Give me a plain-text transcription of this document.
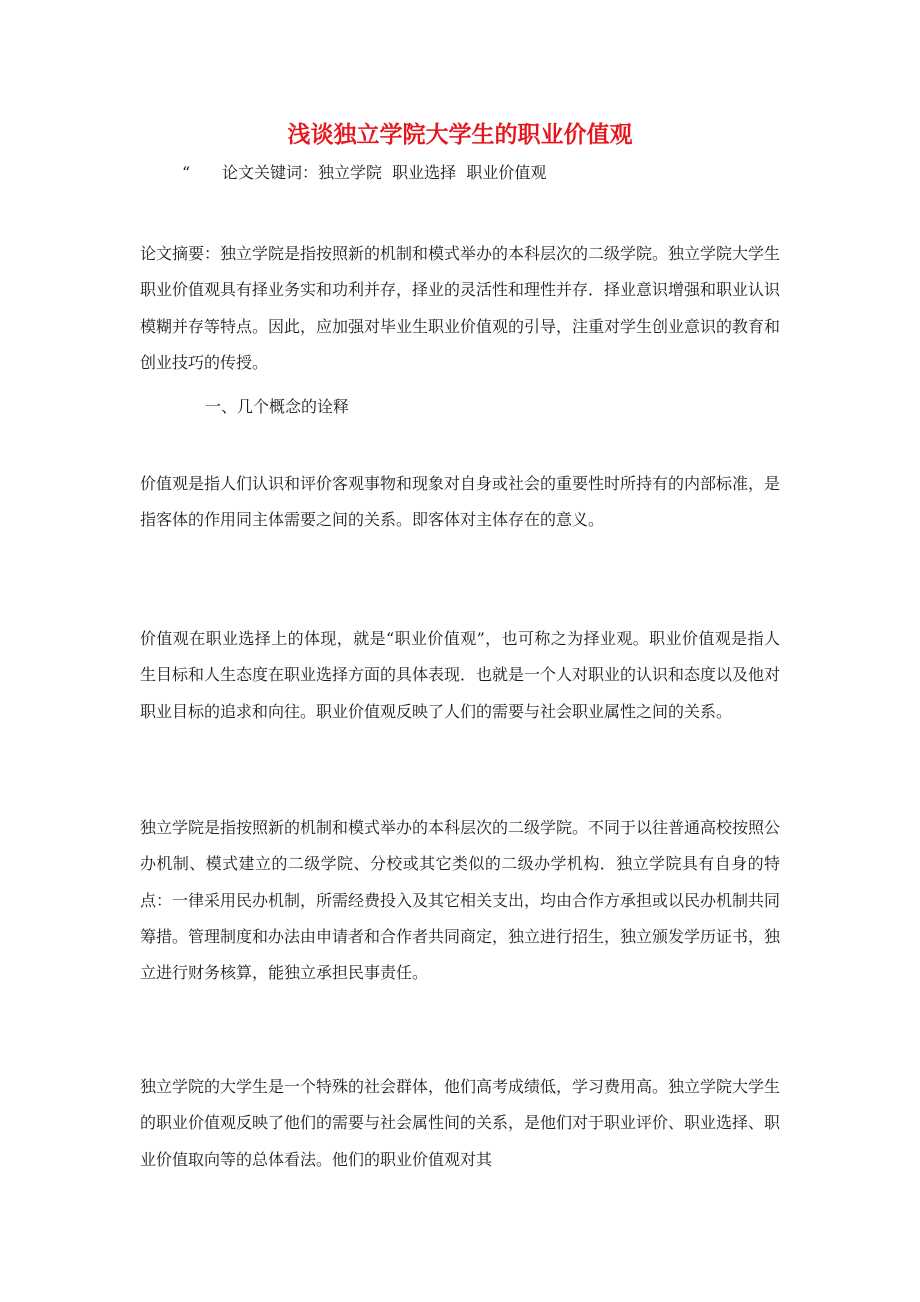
浅谈独立学院大学生的职业价值观
“ 论文关键词：独立学院  职业选择  职业价值观
论文摘要：独立学院是指按照新的机制和模式举办的本科层次的二级学院。独立学院大学生职业价值观具有择业务实和功利并存，择业的灵活性和理性并存．择业意识增强和职业认识模糊并存等特点。因此，应加强对毕业生职业价值观的引导，注重对学生创业意识的教育和创业技巧的传授。
一、几个概念的诠释
价值观是指人们认识和评价客观事物和现象对自身或社会的重要性时所持有的内部标准，是指客体的作用同主体需要之间的关系。即客体对主体存在的意义。
价值观在职业选择上的体现，就是“职业价值观”，也可称之为择业观。职业价值观是指人生目标和人生态度在职业选择方面的具体表现．也就是一个人对职业的认识和态度以及他对职业目标的追求和向往。职业价值观反映了人们的需要与社会职业属性之间的关系。
独立学院是指按照新的机制和模式举办的本科层次的二级学院。不同于以往普通高校按照公办机制、模式建立的二级学院、分校或其它类似的二级办学机构．独立学院具有自身的特点：一律采用民办机制，所需经费投入及其它相关支出，均由合作方承担或以民办机制共同筹措。管理制度和办法由申请者和合作者共同商定，独立进行招生，独立颁发学历证书，独立进行财务核算，能独立承担民事责任。
独立学院的大学生是一个特殊的社会群体，他们高考成绩低，学习费用高。独立学院大学生的职业价值观反映了他们的需要与社会属性间的关系，是他们对于职业评价、职业选择、职业价值取向等的总体看法。他们的职业价值观对其
